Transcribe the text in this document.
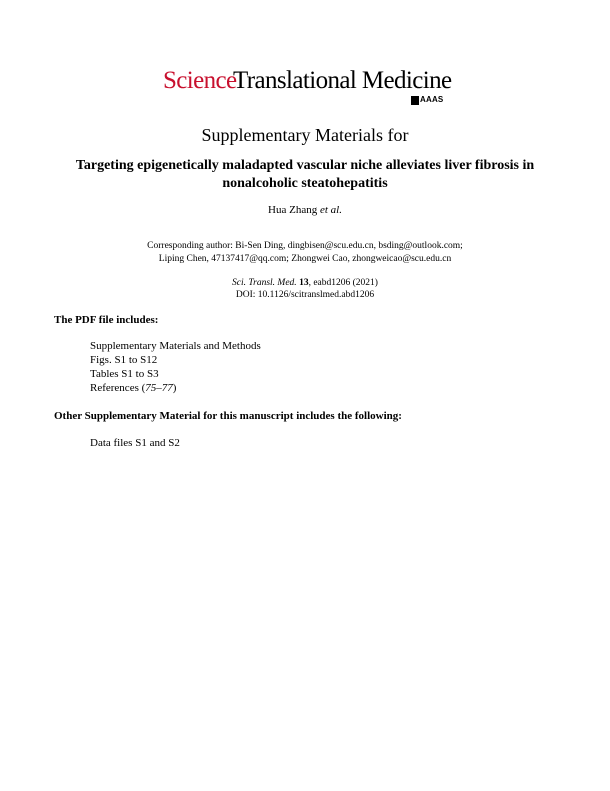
Science
Translational Medicine
AAAS
Supplementary Materials for
Targeting epigenetically maladapted vascular niche alleviates liver fibrosis in
nonalcoholic steatohepatitis
Hua Zhang et al.
Corresponding author: Bi-Sen Ding, dingbisen@scu.edu.cn, bsding@outlook.com;
Liping Chen, 47137417@qq.com; Zhongwei Cao, zhongweicao@scu.edu.cn
Sci. Transl. Med. 13, eabd1206 (2021)
DOI: 10.1126/scitranslmed.abd1206
The PDF file includes:
Supplementary Materials and Methods
Figs. S1 to S12
Tables S1 to S3
References (75–77)
Other Supplementary Material for this manuscript includes the following:
Data files S1 and S2
